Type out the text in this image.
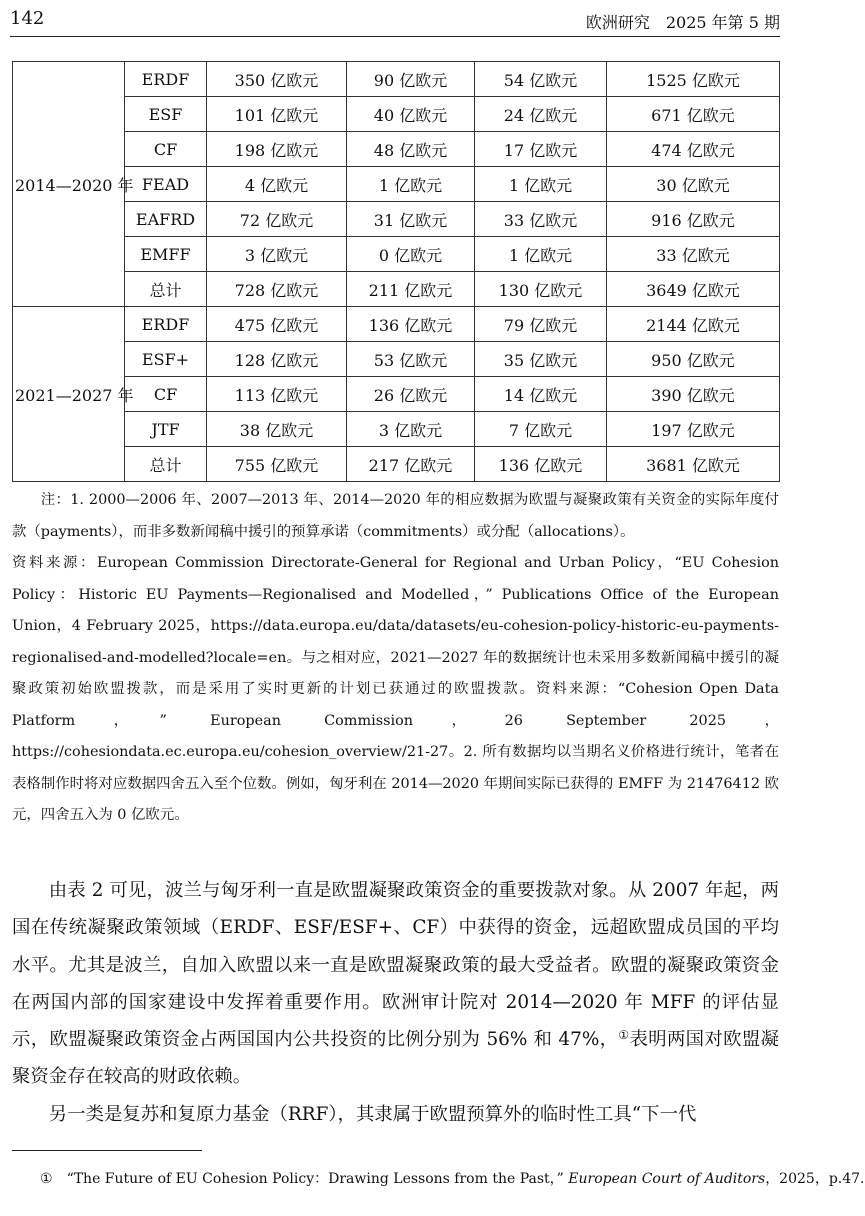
142	欧洲研究　2025 年第 5 期
2014—2020 年	ERDF	350 亿欧元	90 亿欧元	54 亿欧元	1525 亿欧元
	ESF	101 亿欧元	40 亿欧元	24 亿欧元	671 亿欧元
	CF	198 亿欧元	48 亿欧元	17 亿欧元	474 亿欧元
	FEAD	4 亿欧元	1 亿欧元	1 亿欧元	30 亿欧元
	EAFRD	72 亿欧元	31 亿欧元	33 亿欧元	916 亿欧元
	EMFF	3 亿欧元	0 亿欧元	1 亿欧元	33 亿欧元
	总计	728 亿欧元	211 亿欧元	130 亿欧元	3649 亿欧元
2021—2027 年	ERDF	475 亿欧元	136 亿欧元	79 亿欧元	2144 亿欧元
	ESF+	128 亿欧元	53 亿欧元	35 亿欧元	950 亿欧元
	CF	113 亿欧元	26 亿欧元	14 亿欧元	390 亿欧元
	JTF	38 亿欧元	3 亿欧元	7 亿欧元	197 亿欧元
	总计	755 亿欧元	217 亿欧元	136 亿欧元	3681 亿欧元

注：1. 2000—2006 年、2007—2013 年、2014—2020 年的相应数据为欧盟与凝聚政策有关资金的实际年度付款（payments），而非多数新闻稿中援引的预算承诺（commitments）或分配（allocations）。

资料来源：European Commission Directorate-General for Regional and Urban Policy，“EU Cohesion Policy：Historic EU Payments—Regionalised and Modelled，” Publications Office of the European Union，4 February 2025，https://data.europa.eu/data/datasets/eu-cohesion-policy-historic-eu-payments-regionalised-and-modelled?locale=en。与之相对应，2021—2027 年的数据统计也未采用多数新闻稿中援引的凝聚政策初始欧盟拨款，而是采用了实时更新的计划已获通过的欧盟拨款。资料来源：“Cohesion Open Data Platform，” European Commission，26 September 2025，https://cohesiondata.ec.europa.eu/cohesion_overview/21-27。2. 所有数据均以当期名义价格进行统计，笔者在表格制作时将对应数据四舍五入至个位数。例如，匈牙利在 2014—2020 年期间实际已获得的 EMFF 为 21476412 欧元，四舍五入为 0 亿欧元。

由表 2 可见，波兰与匈牙利一直是欧盟凝聚政策资金的重要拨款对象。从 2007 年起，两国在传统凝聚政策领域（ERDF、ESF/ESF+、CF）中获得的资金，远超欧盟成员国的平均水平。尤其是波兰，自加入欧盟以来一直是欧盟凝聚政策的最大受益者。欧盟的凝聚政策资金在两国内部的国家建设中发挥着重要作用。欧洲审计院对 2014—2020 年 MFF 的评估显示，欧盟凝聚政策资金占两国国内公共投资的比例分别为 56% 和 47%，①表明两国对欧盟凝聚资金存在较高的财政依赖。

另一类是复苏和复原力基金（RRF），其隶属于欧盟预算外的临时性工具“下一代

① “The Future of EU Cohesion Policy：Drawing Lessons from the Past，” European Court of Auditors，2025，p.47.
